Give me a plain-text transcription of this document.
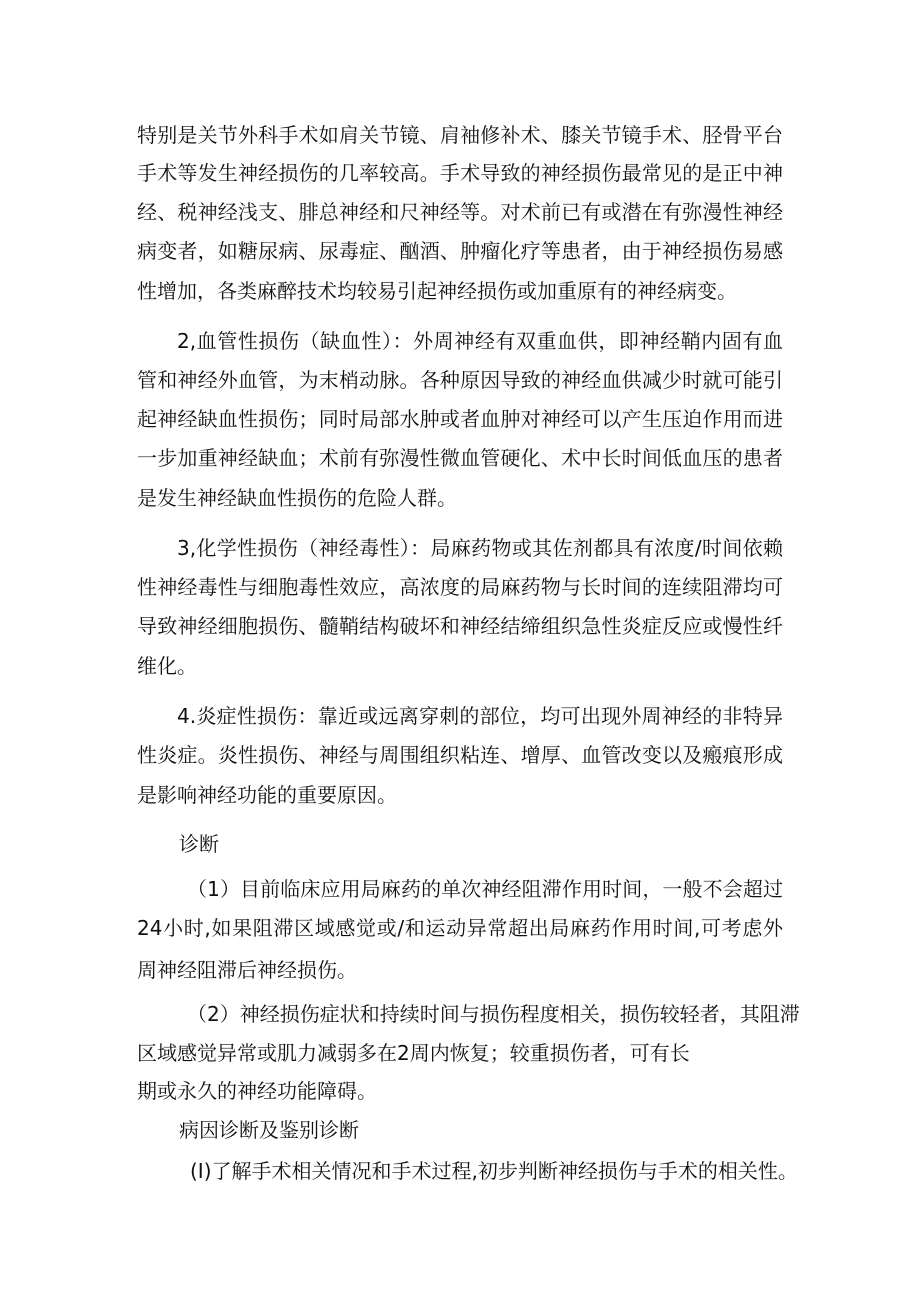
特别是关节外科手术如肩关节镜、肩袖修补术、膝关节镜手术、胫骨平台
手术等发生神经损伤的几率较高。手术导致的神经损伤最常见的是正中神
经、税神经浅支、腓总神经和尺神经等。对术前已有或潜在有弥漫性神经
病变者，如糖尿病、尿毒症、酗酒、肿瘤化疗等患者，由于神经损伤易感
性增加，各类麻醉技术均较易引起神经损伤或加重原有的神经病变。
2,血管性损伤（缺血性）：外周神经有双重血供，即神经鞘内固有血
管和神经外血管，为末梢动脉。各种原因导致的神经血供减少时就可能引
起神经缺血性损伤；同时局部水肿或者血肿对神经可以产生压迫作用而进
一步加重神经缺血；术前有弥漫性微血管硬化、术中长时间低血压的患者
是发生神经缺血性损伤的危险人群。
3,化学性损伤（神经毒性）：局麻药物或其佐剂都具有浓度/时间依赖
性神经毒性与细胞毒性效应，高浓度的局麻药物与长时间的连续阻滞均可
导致神经细胞损伤、髓鞘结构破坏和神经结缔组织急性炎症反应或慢性纤
维化。
4.炎症性损伤：靠近或远离穿刺的部位，均可出现外周神经的非特异
性炎症。炎性损伤、神经与周围组织粘连、增厚、血管改变以及瘢痕形成
是影响神经功能的重要原因。
诊断
（1）目前临床应用局麻药的单次神经阻滞作用时间，一般不会超过
24小时,如果阻滞区域感觉或/和运动异常超出局麻药作用时间,可考虑外
周神经阻滞后神经损伤。
（2）神经损伤症状和持续时间与损伤程度相关，损伤较轻者，其阻滞
区域感觉异常或肌力减弱多在2周内恢复；较重损伤者，可有长
期或永久的神经功能障碍。
病因诊断及鉴别诊断
(I)了解手术相关情况和手术过程,初步判断神经损伤与手术的相关性。
